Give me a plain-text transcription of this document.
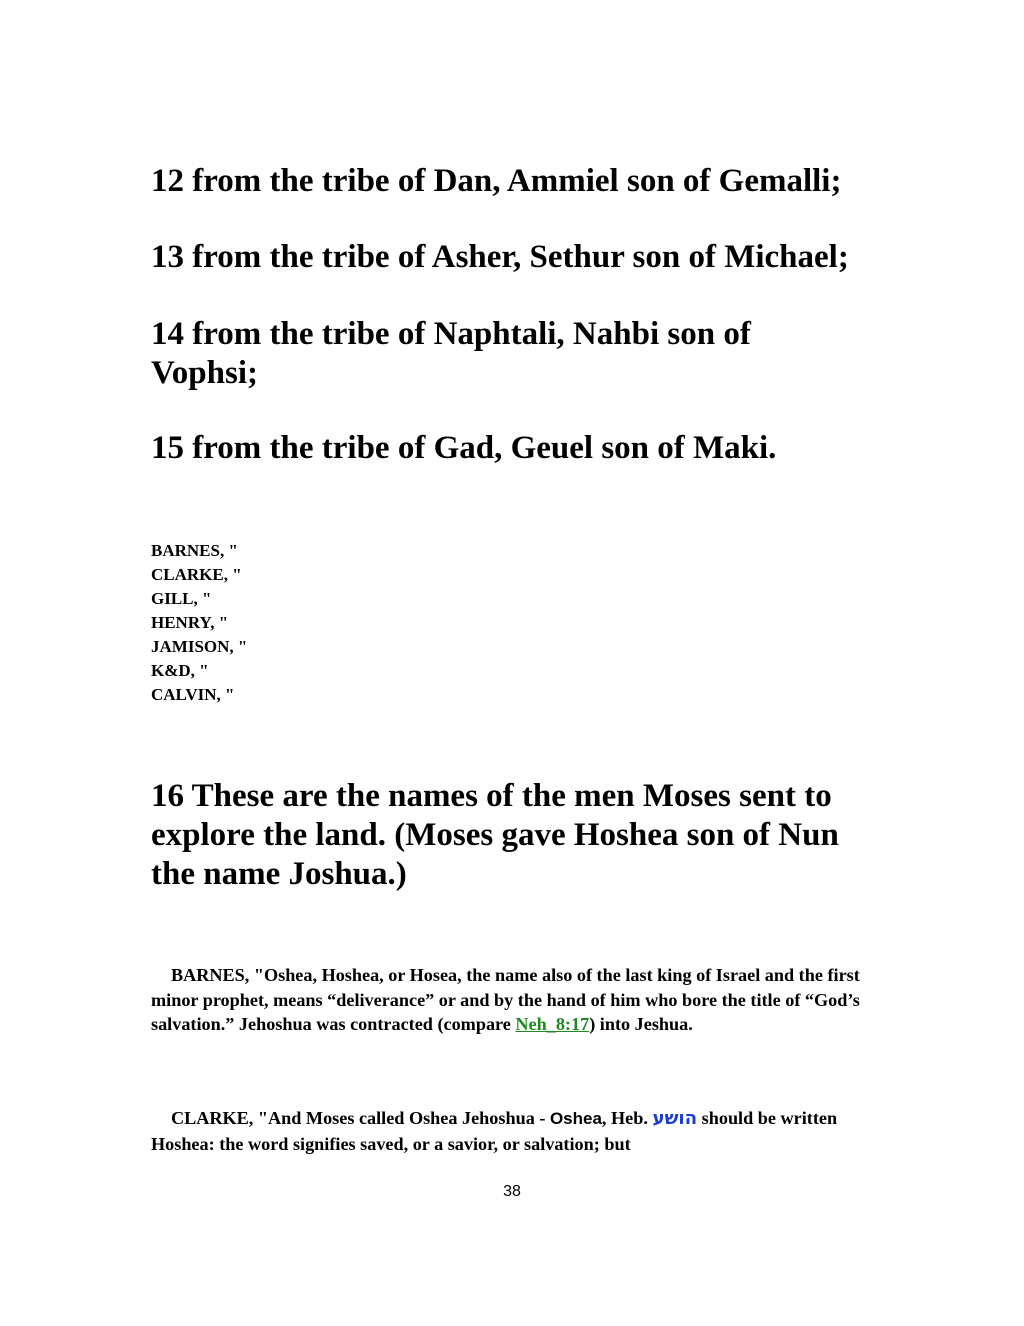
12 from the tribe of Dan, Ammiel son of Gemalli;

13 from the tribe of Asher, Sethur son of Michael;

14 from the tribe of Naphtali, Nahbi son of Vophsi;

15 from the tribe of Gad, Geuel son of Maki.

BARNES, "
CLARKE, "
GILL, "
HENRY, "
JAMISON, "
K&D, "
CALVIN, "

16 These are the names of the men Moses sent to explore the land. (Moses gave Hoshea son of Nun the name Joshua.)

BARNES, "Oshea, Hoshea, or Hosea, the name also of the last king of Israel and the first minor prophet, means “deliverance” or and by the hand of him who bore the title of “God’s salvation.” Jehoshua was contracted (compare Neh_8:17) into Jeshua.

CLARKE, "And Moses called Oshea Jehoshua - Oshea, Heb. הושע should be written Hoshea: the word signifies saved, or a savior, or salvation; but

38
